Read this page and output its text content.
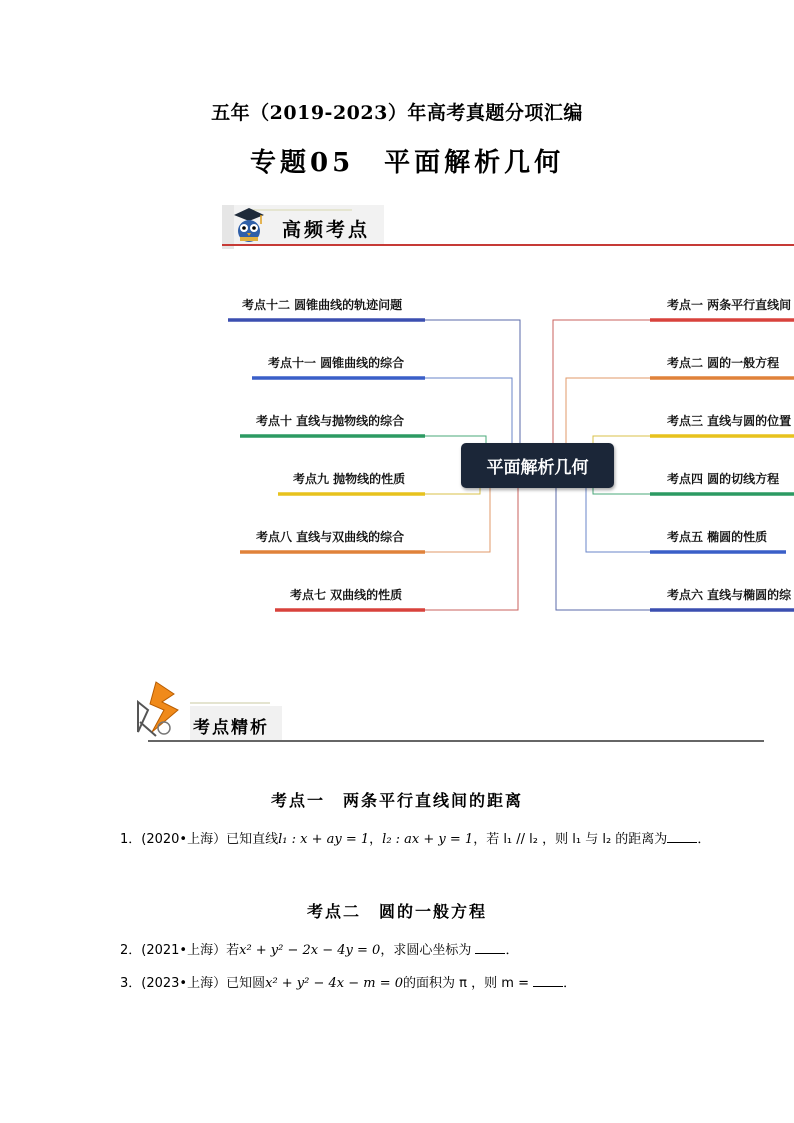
五年（2019-2023）年高考真题分项汇编
专题05　平面解析几何
高频考点
平面解析几何
考点十二 圆锥曲线的轨迹问题
考点十一 圆锥曲线的综合
考点十 直线与抛物线的综合
考点九 抛物线的性质
考点八 直线与双曲线的综合
考点七 双曲线的性质
考点一 两条平行直线间
考点二 圆的一般方程
考点三 直线与圆的位置
考点四 圆的切线方程
考点五 椭圆的性质
考点六 直线与椭圆的综
考点精析
考点一　两条平行直线间的距离
1．(2020•上海）已知直线l₁ : x + ay = 1，l₂ : ax + y = 1，若 l₁ // l₂ ，则 l₁ 与 l₂ 的距离为 ．
考点二　圆的一般方程
2．(2021•上海）若x² + y² − 2x − 4y = 0，求圆心坐标为	．
3．(2023•上海）已知圆x² + y² − 4x − m = 0的面积为 π ，则 m =	．
